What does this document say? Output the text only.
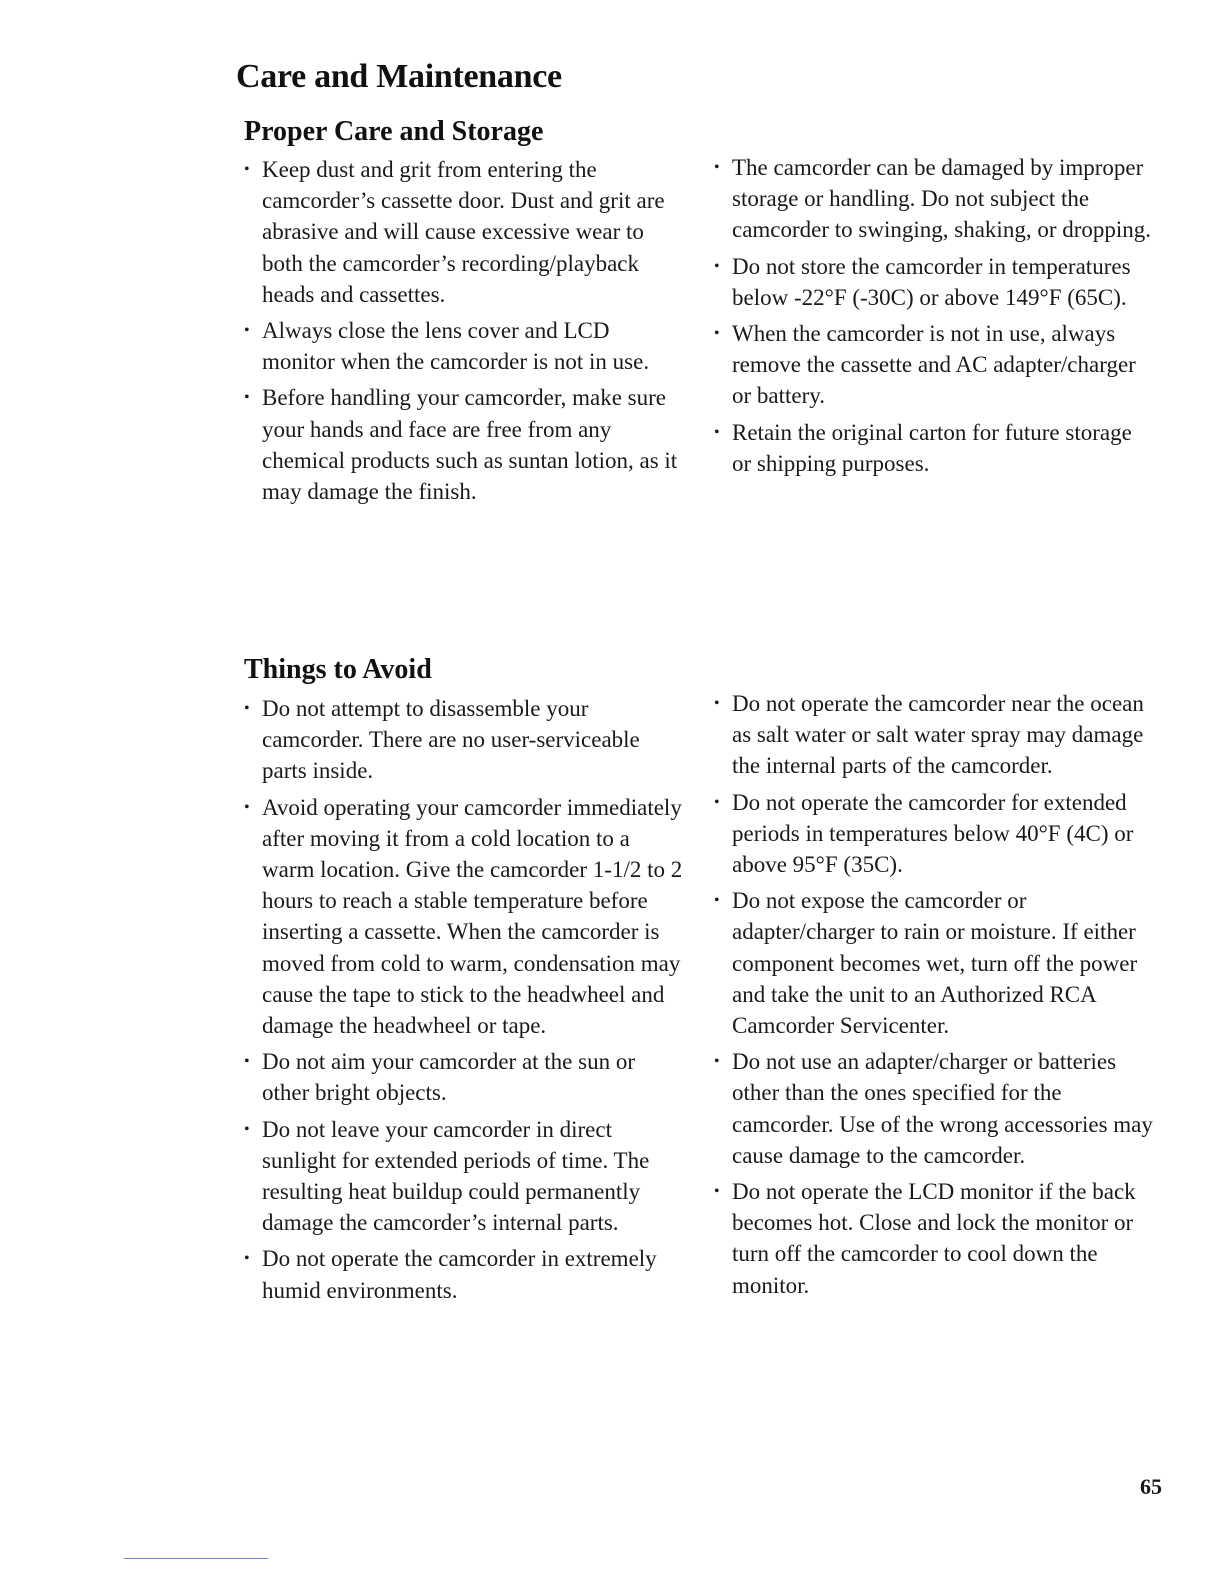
Care and Maintenance
Proper Care and Storage
• Keep dust and grit from entering the camcorder’s cassette door. Dust and grit are abrasive and will cause excessive wear to both the camcorder’s recording/playback heads and cassettes.
• Always close the lens cover and LCD monitor when the camcorder is not in use.
• Before handling your camcorder, make sure your hands and face are free from any chemical products such as suntan lotion, as it may damage the finish.
• The camcorder can be damaged by improper storage or handling. Do not subject the camcorder to swinging, shaking, or dropping.
• Do not store the camcorder in temperatures below -22°F (-30C) or above 149°F (65C).
• When the camcorder is not in use, always remove the cassette and AC adapter/charger or battery.
• Retain the original carton for future storage or shipping purposes.
Things to Avoid
• Do not attempt to disassemble your camcorder. There are no user-serviceable parts inside.
• Avoid operating your camcorder immediately after moving it from a cold location to a warm location. Give the camcorder 1-1/2 to 2 hours to reach a stable temperature before inserting a cassette. When the camcorder is moved from cold to warm, condensation may cause the tape to stick to the headwheel and damage the headwheel or tape.
• Do not aim your camcorder at the sun or other bright objects.
• Do not leave your camcorder in direct sunlight for extended periods of time. The resulting heat buildup could permanently damage the camcorder’s internal parts.
• Do not operate the camcorder in extremely humid environments.
• Do not operate the camcorder near the ocean as salt water or salt water spray may damage the internal parts of the camcorder.
• Do not operate the camcorder for extended periods in temperatures below 40°F (4C) or above 95°F (35C).
• Do not expose the camcorder or adapter/charger to rain or moisture. If either component becomes wet, turn off the power and take the unit to an Authorized RCA Camcorder Servicenter.
• Do not use an adapter/charger or batteries other than the ones specified for the camcorder. Use of the wrong accessories may cause damage to the camcorder.
• Do not operate the LCD monitor if the back becomes hot. Close and lock the monitor or turn off the camcorder to cool down the monitor.

65
